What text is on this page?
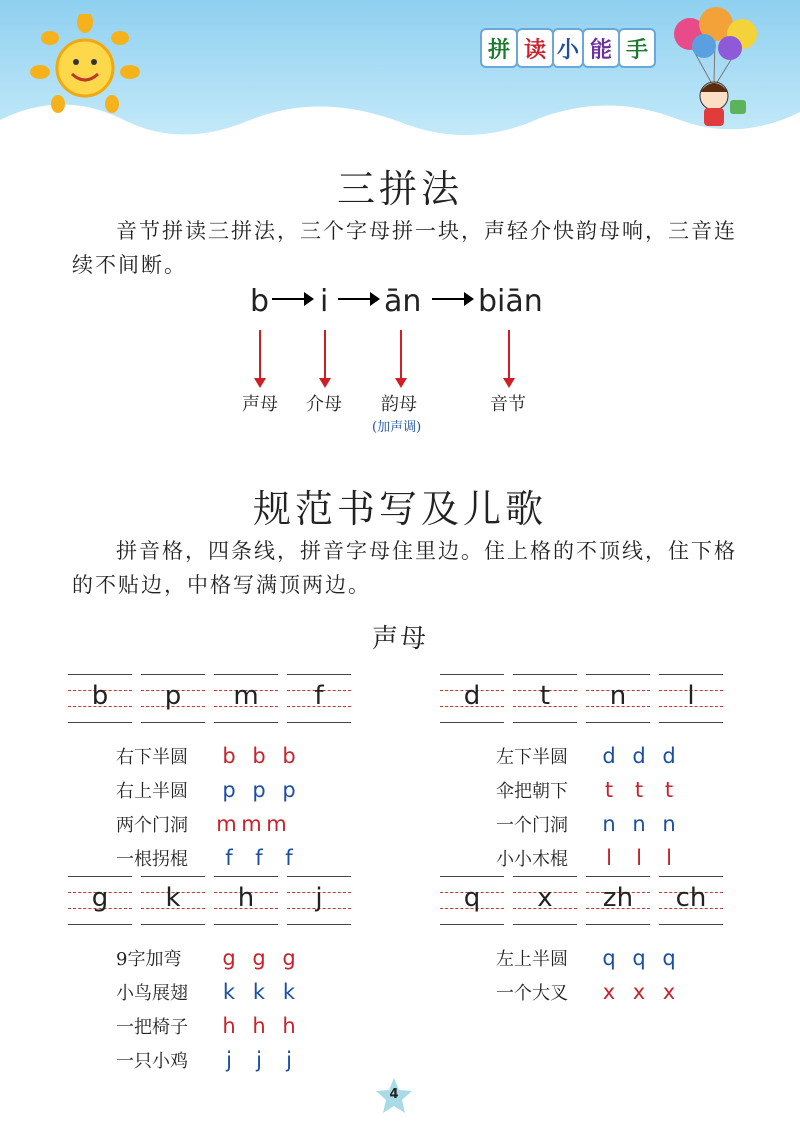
拼 读 小 能 手
三拼法
音节拼读三拼法，三个字母拼一块，声轻介快韵母响，三音连续不间断。
b i ān biān
声母 介母 韵母	音节
(加声调)
规范书写及儿歌
拼音格，四条线，拼音字母住里边。住上格的不顶线，住下格的不贴边，中格写满顶两边。
声母
b	p	m	f
右下半圆 b b b
右上半圆 p p p
两个门洞 m m m
一根拐棍 f f f
d	t	n	l
左下半圆 d d d
伞把朝下 t t t
一个门洞 n n n
小小木棍 l l l
g	k	h	j
9字加弯 g g g
小鸟展翅 k k k
一把椅子 h h h
一只小鸡 j j j
q	x	zh	ch
左上半圆 q q q
一个大叉 x x x
4
